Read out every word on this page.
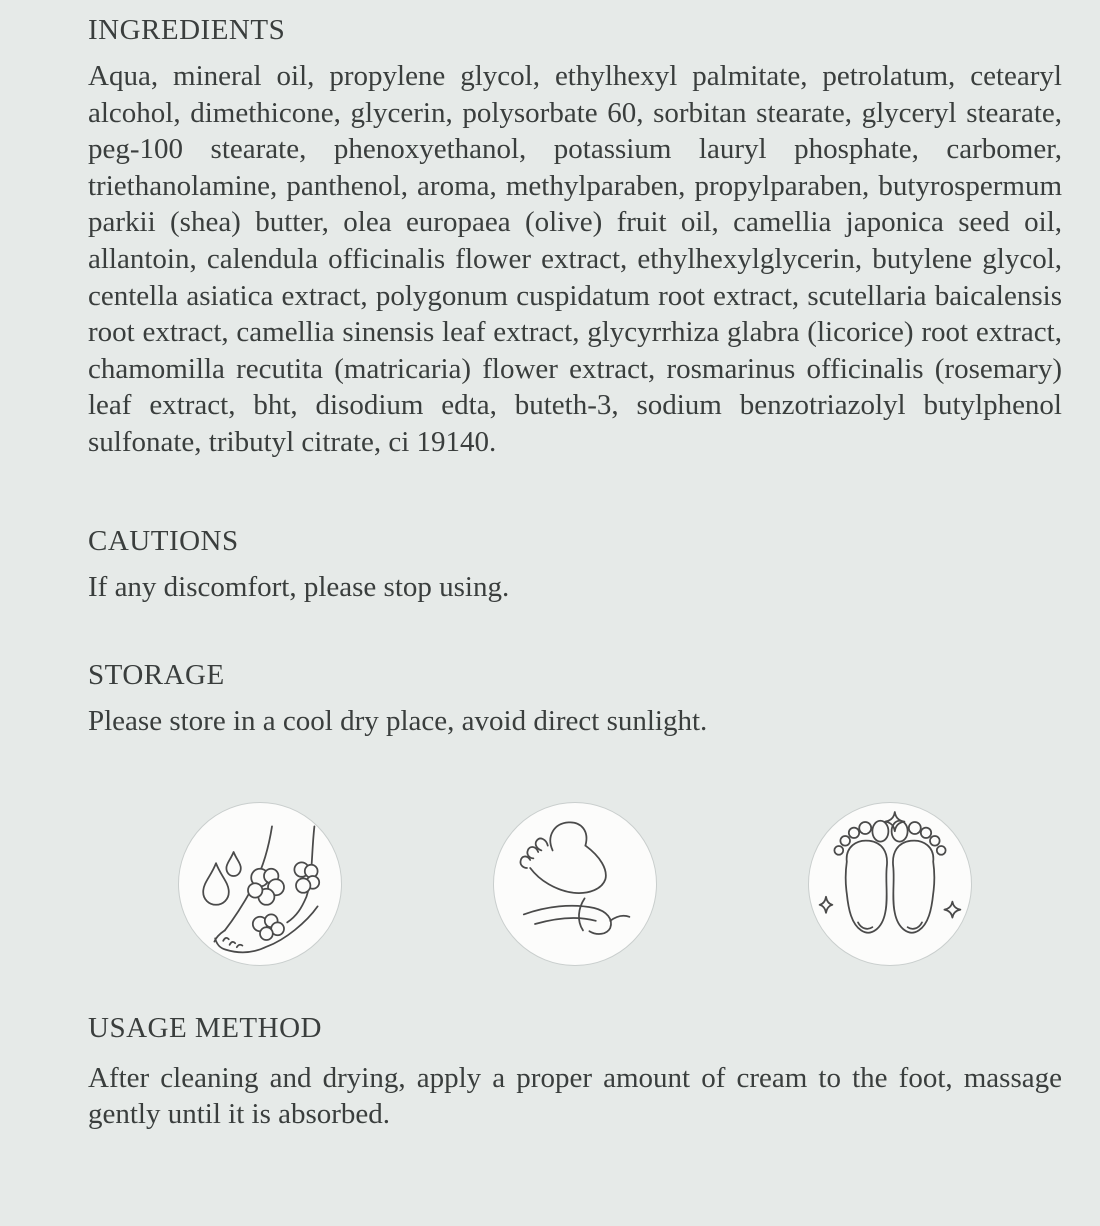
INGREDIENTS

Aqua, mineral oil, propylene glycol, ethylhexyl palmitate, petrolatum, cetearyl alcohol, dimethicone, glycerin, polysorbate 60, sorbitan stearate, glyceryl stearate, peg-100 stearate, phenoxyethanol, potassium lauryl phosphate, carbomer, triethanolamine, panthenol, aroma, methylparaben, propylparaben, butyrospermum parkii (shea) butter, olea europaea (olive) fruit oil, camellia japonica seed oil, allantoin, calendula officinalis flower extract, ethylhexylglycerin, butylene glycol, centella asiatica extract, polygonum cuspidatum root extract, scutellaria baicalensis root extract, camellia sinensis leaf extract, glycyrrhiza glabra (licorice) root extract, chamomilla recutita (matricaria) flower extract, rosmarinus officinalis (rosemary) leaf extract, bht, disodium edta, buteth-3, sodium benzotriazolyl butylphenol sulfonate, tributyl citrate, ci 19140.

CAUTIONS

If any discomfort, please stop using.

STORAGE

Please store in a cool dry place, avoid direct sunlight.

USAGE METHOD

After cleaning and drying, apply a proper amount of cream to the foot, massage gently until it is absorbed.
